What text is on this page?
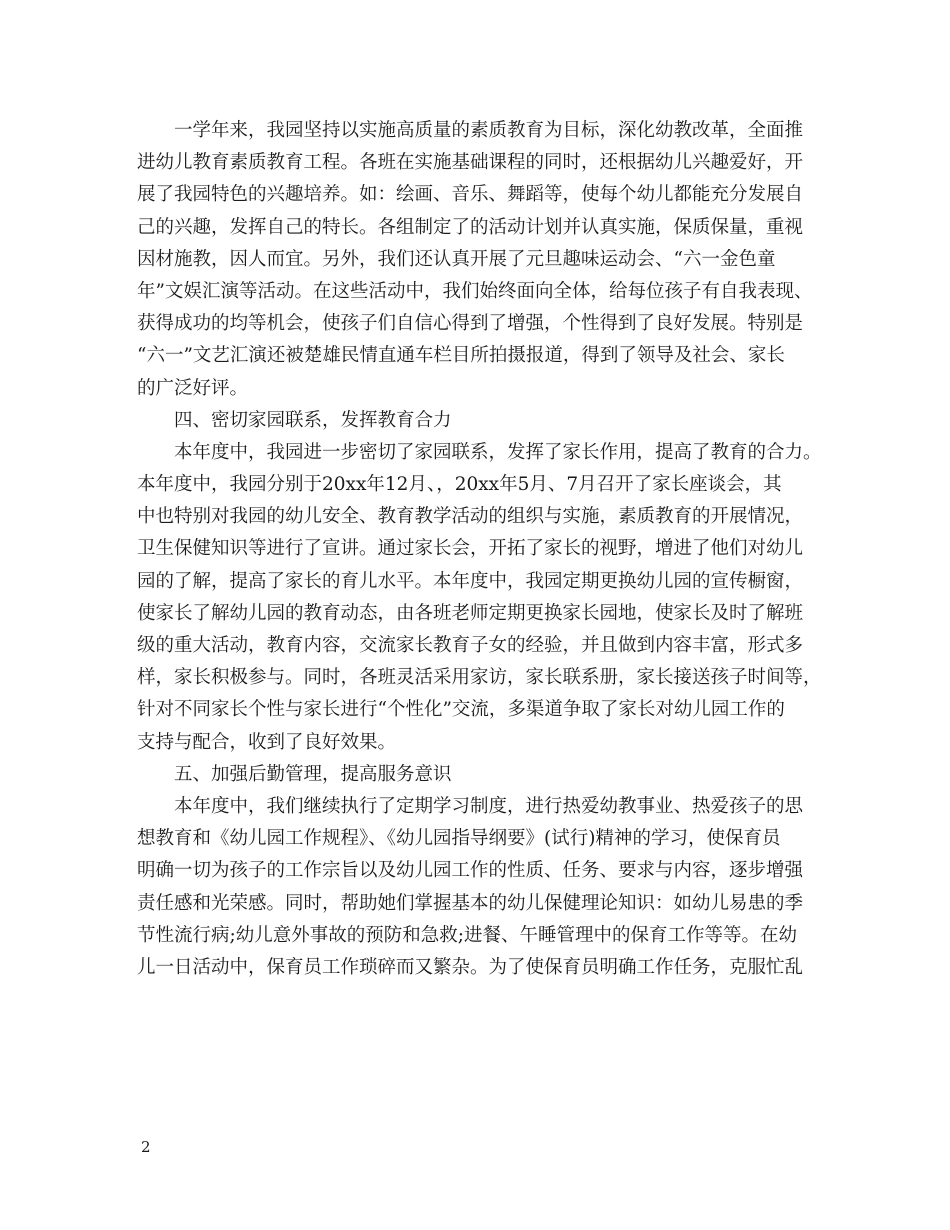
　　一学年来，我园坚持以实施高质量的素质教育为目标，深化幼教改革，全面推
进幼儿教育素质教育工程。各班在实施基础课程的同时，还根据幼儿兴趣爱好，开
展了我园特色的兴趣培养。如：绘画、音乐、舞蹈等，使每个幼儿都能充分发展自
己的兴趣，发挥自己的特长。各组制定了的活动计划并认真实施，保质保量，重视
因材施教，因人而宜。另外，我们还认真开展了元旦趣味运动会、“六一金色童
年”文娱汇演等活动。在这些活动中，我们始终面向全体，给每位孩子有自我表现、
获得成功的均等机会，使孩子们自信心得到了增强，个性得到了良好发展。特别是
“六一”文艺汇演还被楚雄民情直通车栏目所拍摄报道，得到了领导及社会、家长
的广泛好评。
　　四、密切家园联系，发挥教育合力
　　本年度中，我园进一步密切了家园联系，发挥了家长作用，提高了教育的合力。
本年度中，我园分别于20xx年12月、，20xx年5月、7月召开了家长座谈会，其
中也特别对我园的幼儿安全、教育教学活动的组织与实施，素质教育的开展情况，
卫生保健知识等进行了宣讲。通过家长会，开拓了家长的视野，增进了他们对幼儿
园的了解，提高了家长的育儿水平。本年度中，我园定期更换幼儿园的宣传橱窗，
使家长了解幼儿园的教育动态，由各班老师定期更换家长园地，使家长及时了解班
级的重大活动，教育内容，交流家长教育子女的经验，并且做到内容丰富，形式多
样，家长积极参与。同时，各班灵活采用家访，家长联系册，家长接送孩子时间等，
针对不同家长个性与家长进行“个性化”交流，多渠道争取了家长对幼儿园工作的
支持与配合，收到了良好效果。
　　五、加强后勤管理，提高服务意识
　　本年度中，我们继续执行了定期学习制度，进行热爱幼教事业、热爱孩子的思
想教育和《幼儿园工作规程》、《幼儿园指导纲要》(试行)精神的学习，使保育员
明确一切为孩子的工作宗旨以及幼儿园工作的性质、任务、要求与内容，逐步增强
责任感和光荣感。同时，帮助她们掌握基本的幼儿保健理论知识：如幼儿易患的季
节性流行病;幼儿意外事故的预防和急救;进餐、午睡管理中的保育工作等等。在幼
儿一日活动中，保育员工作琐碎而又繁杂。为了使保育员明确工作任务，克服忙乱
2
